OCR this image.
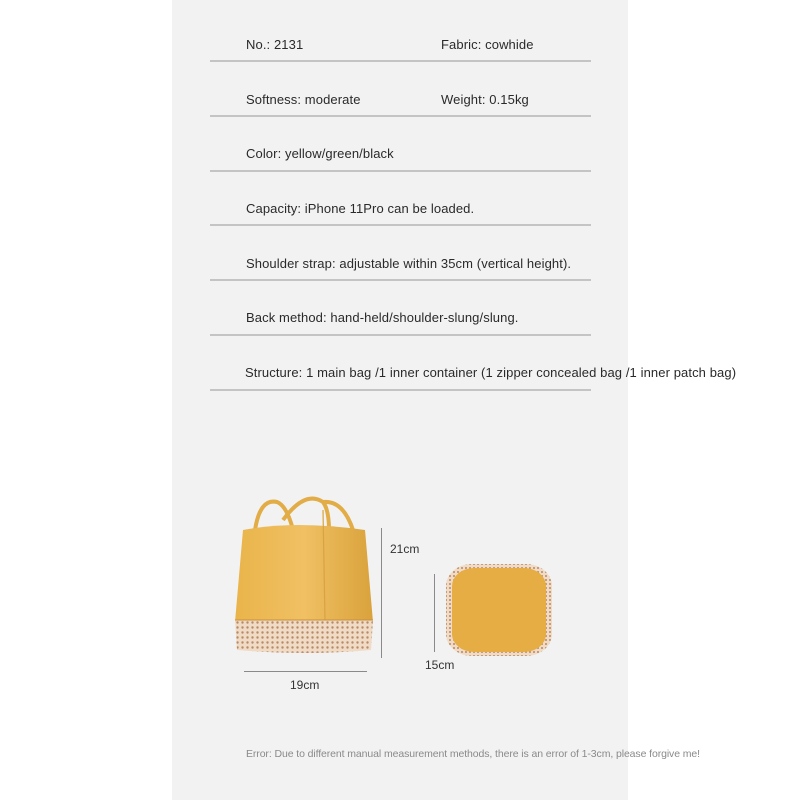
No.: 2131	Fabric: cowhide
Softness: moderate	Weight: 0.15kg
Color: yellow/green/black
Capacity: iPhone 11Pro can be loaded.
Shoulder strap: adjustable within 35cm (vertical height).
Back method: hand-held/shoulder-slung/slung.
Structure: 1 main bag /1 inner container (1 zipper concealed bag /1 inner patch bag)
21cm
19cm
15cm
Error: Due to different manual measurement methods, there is an error of 1-3cm, please forgive me!
